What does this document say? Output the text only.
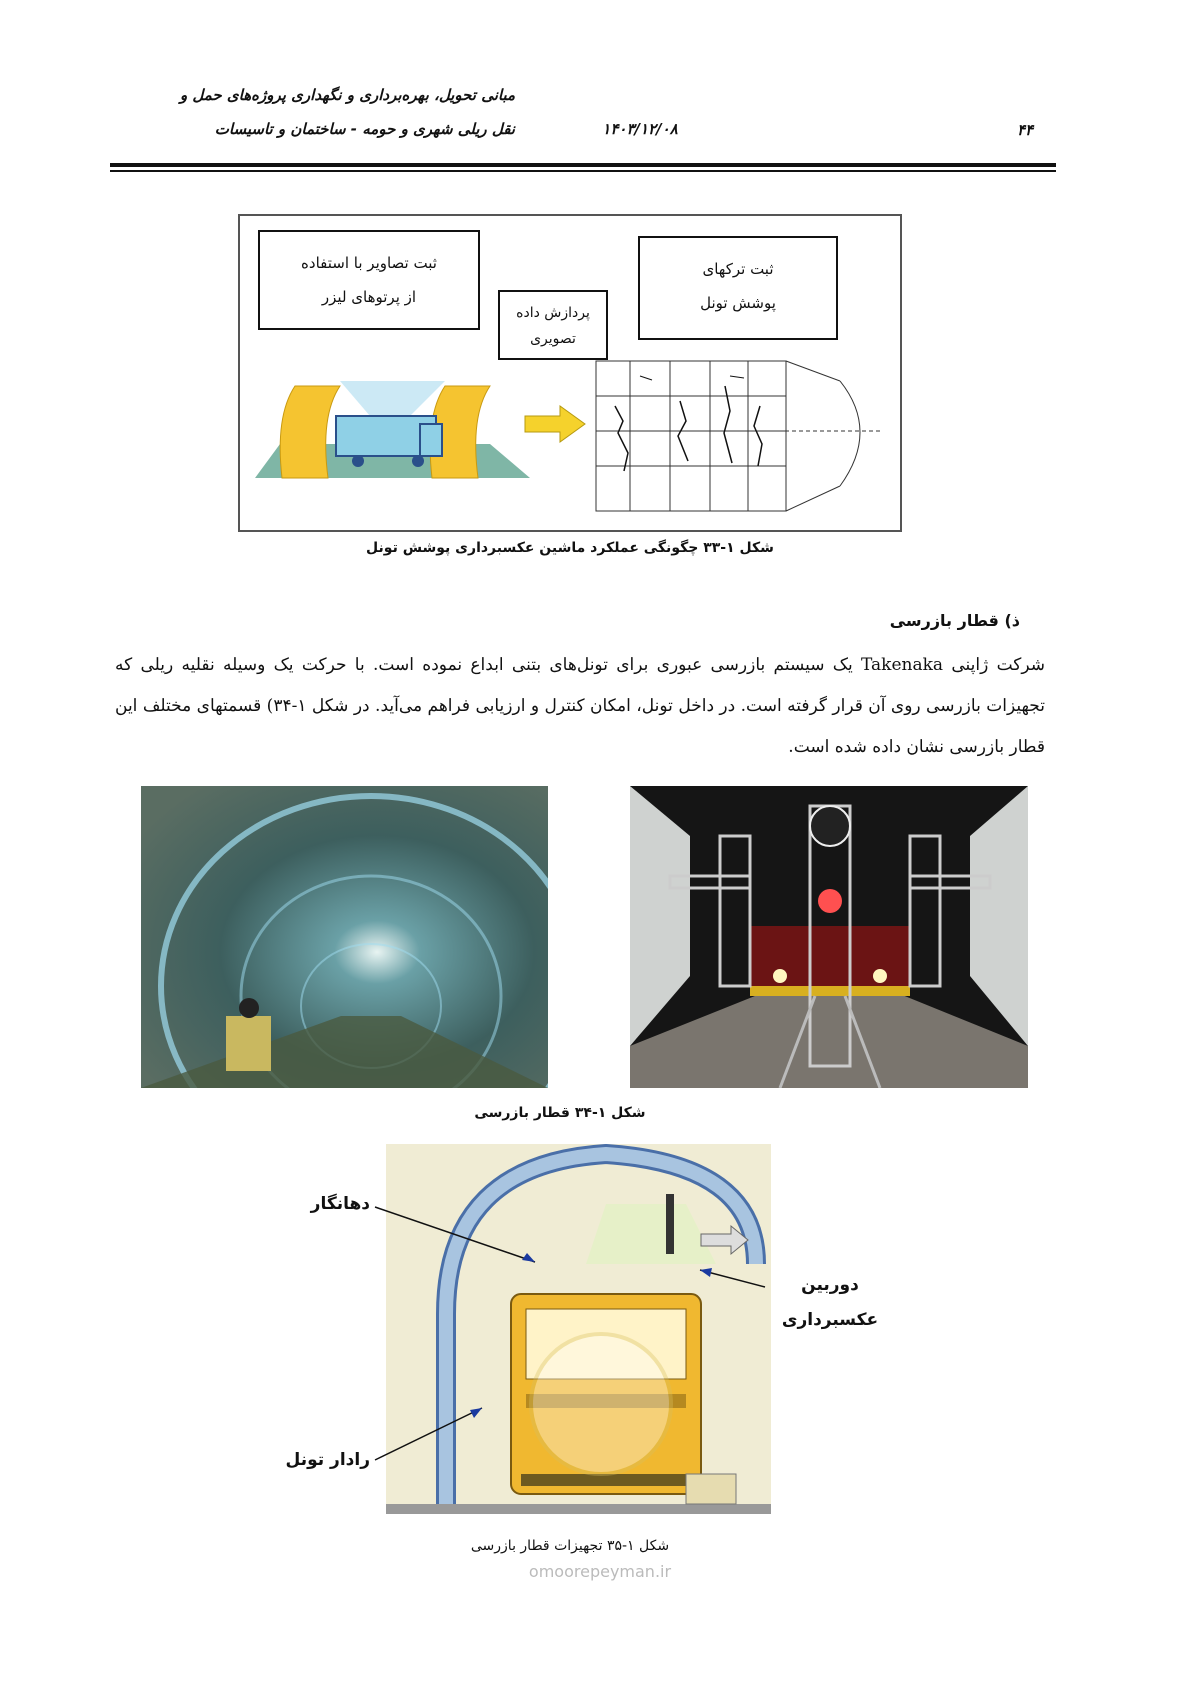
مبانی تحویل، بهره‌برداری و نگهداری پروژه‌های حمل و
نقل ریلی شهری و حومه - ساختمان و تاسیسات	۱۴۰۳/۱۲/۰۸	۴۴
ثبت تصاویر با استفاده
از پرتوهای لیزر
پردازش داده
تصویری
ثبت ترکهای
پوشش تونل
شکل ۱-۳۳ چگونگی عملکرد ماشین عکسبرداری پوشش تونل
ذ) قطار بازرسی
شرکت ژاپنی Takenaka یک سیستم بازرسی عبوری برای تونل‌های بتنی ابداع نموده است. با حرکت یک وسیله نقلیه ریلی که تجهیزات بازرسی روی آن قرار گرفته است. در داخل تونل، امکان کنترل و ارزیابی فراهم می‌آید. در شکل ۱-۳۴) قسمتهای مختلف این قطار بازرسی نشان داده شده است.
شکل ۱-۳۴ قطار بازرسی
دهانگار
دوربین
عکسبرداری
رادار تونل
شکل ۱-۳۵ تجهیزات قطار بازرسی
omoorepeyman.ir
